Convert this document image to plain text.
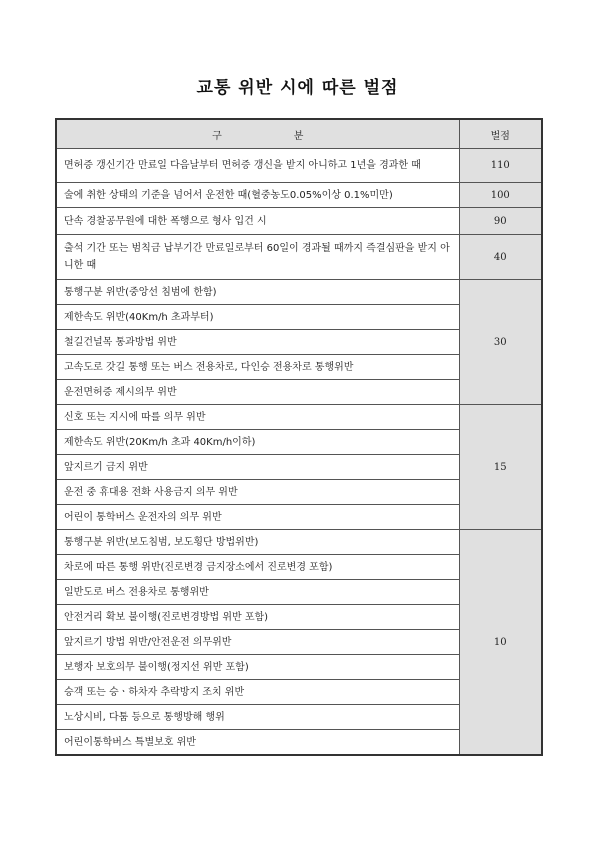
교통 위반 시에 따른 벌점
구분	벌점
면허증 갱신기간 만료일 다음날부터 면허증 갱신을 받지 아니하고 1년을 경과한 때	110
술에 취한 상태의 기준을 넘어서 운전한 때(혈중농도0.05%이상 0.1%미만)	100
단속 경찰공무원에 대한 폭행으로 형사 입건 시	90
출석 기간 또는 범칙금 납부기간 만료일로부터 60일이 경과될 때까지 즉결심판을 받지 아니한 때	40
통행구분 위반(중앙선 침범에 한함)	30
제한속도 위반(40Km/h 초과부터)	
철길건널목 통과방법 위반	
고속도로 갓길 통행 또는 버스 전용차로, 다인승 전용차로 통행위반	
운전면허증 제시의무 위반	
신호 또는 지시에 따를 의무 위반	15
제한속도 위반(20Km/h 초과 40Km/h이하)	
앞지르기 금지 위반	
운전 중 휴대용 전화 사용금지 의무 위반	
어린이 통학버스 운전자의 의무 위반	
통행구분 위반(보도침범, 보도횡단 방법위반)	10
차로에 따른 통행 위반(진로변경 금지장소에서 진로변경 포함)	
일반도로 버스 전용차로 통행위반	
안전거리 확보 불이행(진로변경방법 위반 포함)	
앞지르기 방법 위반/안전운전 의무위반	
보행자 보호의무 불이행(정지선 위반 포함)	
승객 또는 승ㆍ하차자 추락방지 조치 위반	
노상시비, 다툼 등으로 통행방해 행위	
어린이통학버스 특별보호 위반	
